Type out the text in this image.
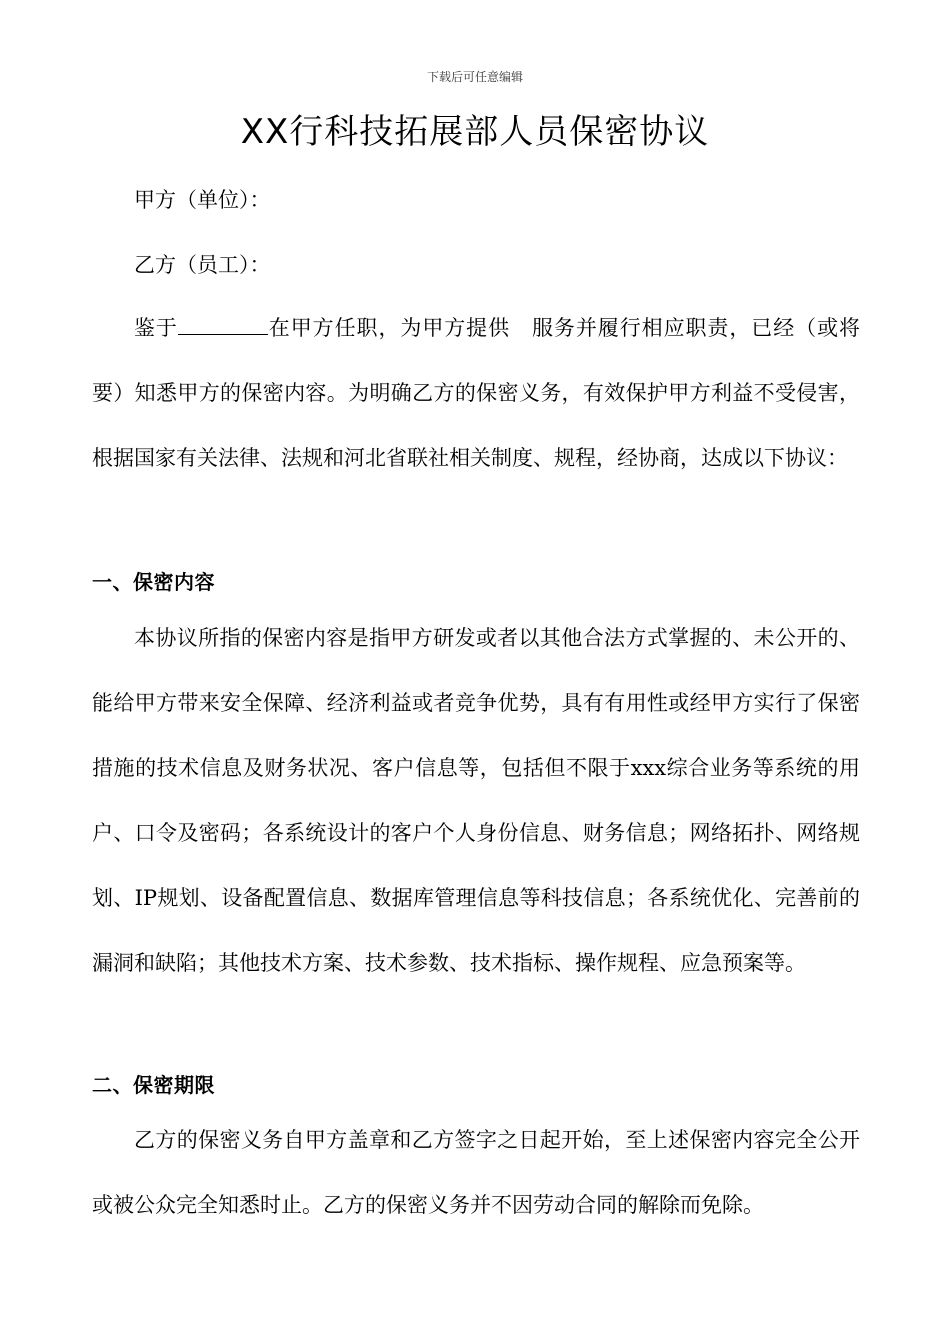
下载后可任意编辑
XX行科技拓展部人员保密协议

甲方（单位）：

乙方（员工）：

鉴于	在甲方任职，为甲方提供　服务并履行相应职责，已经（或将要）知悉甲方的保密内容。为明确乙方的保密义务，有效保护甲方利益不受侵害，根据国家有关法律、法规和河北省联社相关制度、规程，经协商，达成以下协议：

一、保密内容

本协议所指的保密内容是指甲方研发或者以其他合法方式掌握的、未公开的、能给甲方带来安全保障、经济利益或者竞争优势，具有有用性或经甲方实行了保密措施的技术信息及财务状况、客户信息等，包括但不限于xxx综合业务等系统的用户、口令及密码；各系统设计的客户个人身份信息、财务信息；网络拓扑、网络规划、IP规划、设备配置信息、数据库管理信息等科技信息；各系统优化、完善前的漏洞和缺陷；其他技术方案、技术参数、技术指标、操作规程、应急预案等。

二、保密期限

乙方的保密义务自甲方盖章和乙方签字之日起开始，至上述保密内容完全公开或被公众完全知悉时止。乙方的保密义务并不因劳动合同的解除而免除。
